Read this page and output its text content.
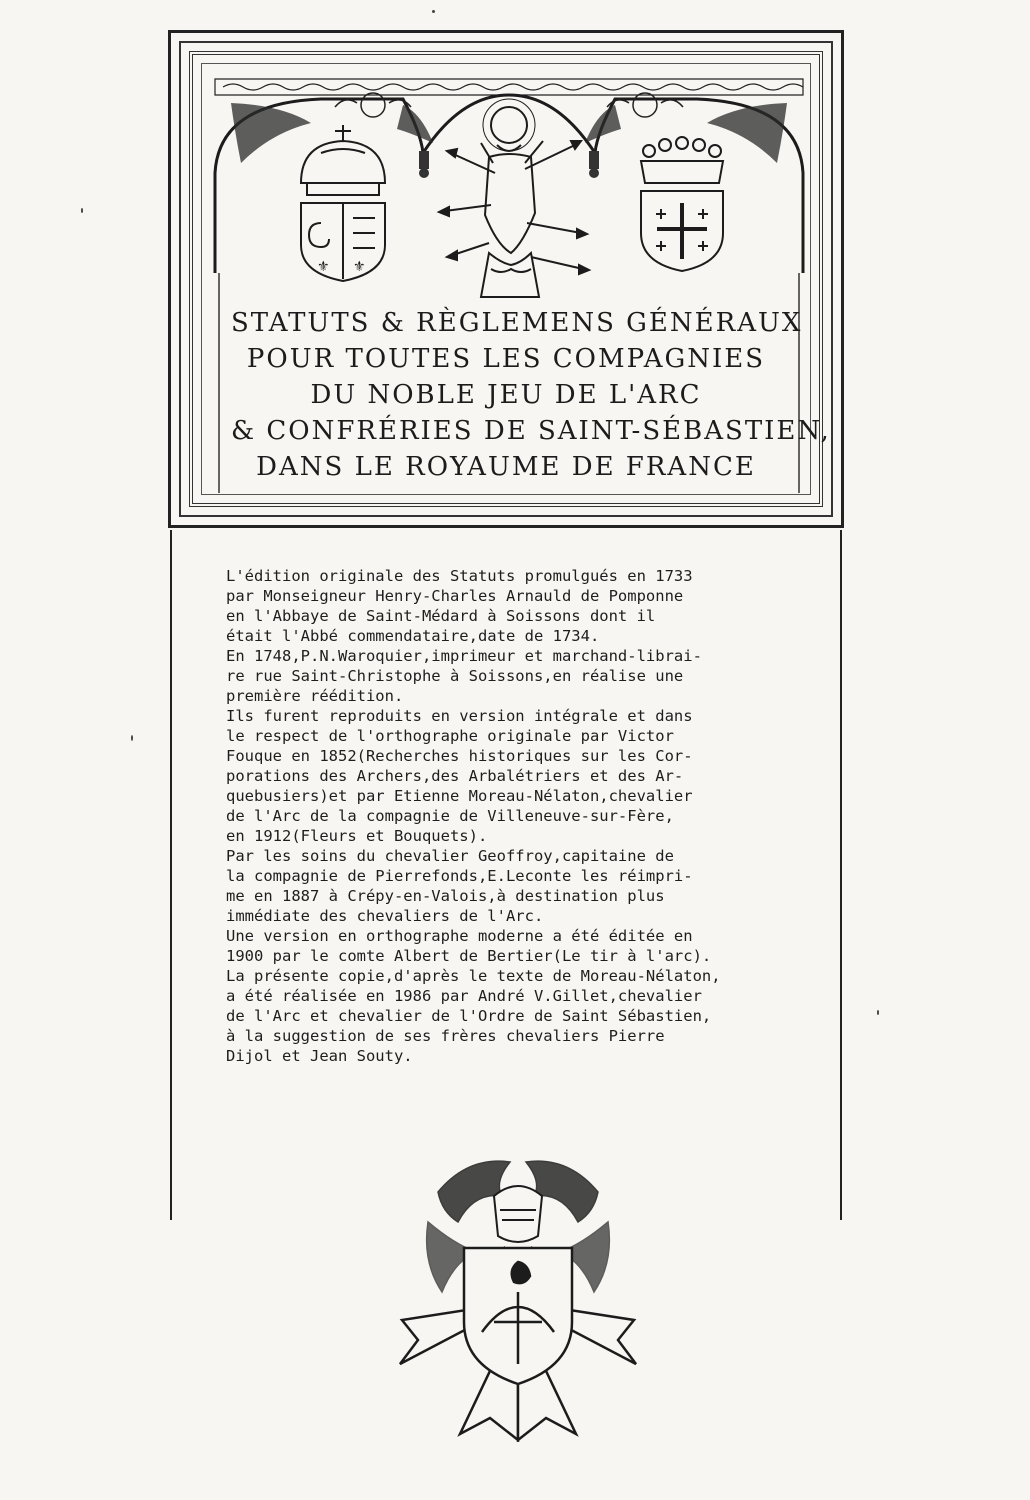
⚜ ⚜
STATUTS & RÈGLEMENS GÉNÉRAUX
POUR TOUTES LES COMPAGNIES
DU NOBLE JEU DE L'ARC
& CONFRÉRIES DE SAINT-SÉBASTIEN,
DANS LE ROYAUME DE FRANCE
L'édition originale des Statuts promulgués en 1733
par Monseigneur Henry-Charles Arnauld de Pomponne
en l'Abbaye de Saint-Médard à Soissons dont il
était l'Abbé commendataire,date de 1734.
En 1748,P.N.Waroquier,imprimeur et marchand-librai-
re rue Saint-Christophe à Soissons,en réalise une
première réédition.
Ils furent reproduits en version intégrale et dans
le respect de l'orthographe originale par Victor
Fouque en 1852(Recherches historiques sur les Cor-
porations des Archers,des Arbalétriers et des Ar-
quebusiers)et par Etienne Moreau-Nélaton,chevalier
de l'Arc de la compagnie de Villeneuve-sur-Fère,
en 1912(Fleurs et Bouquets).
Par les soins du chevalier Geoffroy,capitaine de
la compagnie de Pierrefonds,E.Leconte les réimpri-
me en 1887 à Crépy-en-Valois,à destination plus
immédiate des chevaliers de l'Arc.
Une version en orthographe moderne a été éditée en
1900 par le comte Albert de Bertier(Le tir à l'arc).
La présente copie,d'après le texte de Moreau-Nélaton,
a été réalisée en 1986 par André V.Gillet,chevalier
de l'Arc et chevalier de l'Ordre de Saint Sébastien,
à la suggestion de ses frères chevaliers Pierre
Dijol et Jean Souty.
